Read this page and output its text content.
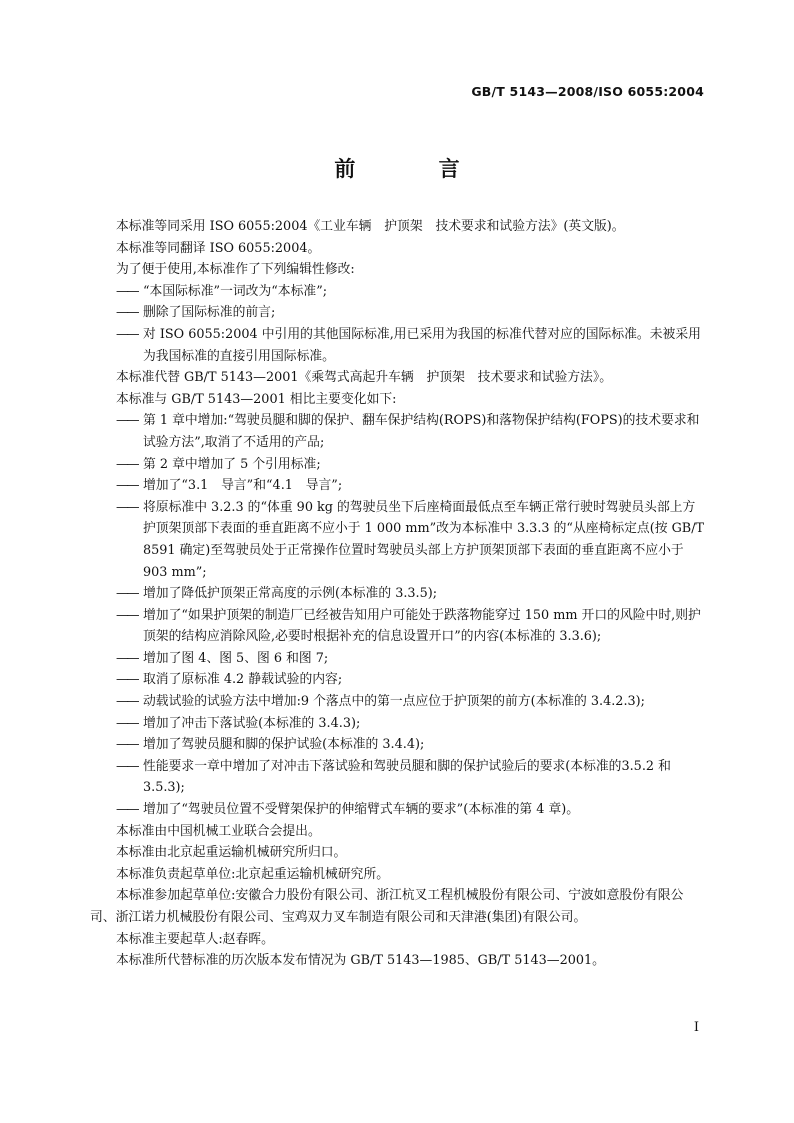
GB/T 5143—2008/ISO 6055:2004
前 言

本标准等同采用 ISO 6055:2004《工业车辆　护顶架　技术要求和试验方法》(英文版)。

本标准等同翻译 ISO 6055:2004。

为了便于使用,本标准作了下列编辑性修改:

—— “本国际标准”一词改为“本标准”;

—— 删除了国际标准的前言;

—— 对 ISO 6055:2004 中引用的其他国际标准,用已采用为我国的标准代替对应的国际标准。未被采用为我国标准的直接引用国际标准。

本标准代替 GB/T 5143—2001《乘驾式高起升车辆　护顶架　技术要求和试验方法》。

本标准与 GB/T 5143—2001 相比主要变化如下:

—— 第 1 章中增加:“驾驶员腿和脚的保护、翻车保护结构(ROPS)和落物保护结构(FOPS)的技术要求和试验方法”,取消了不适用的产品;

—— 第 2 章中增加了 5 个引用标准;

—— 增加了“3.1　导言”和“4.1　导言”;

—— 将原标准中 3.2.3 的“体重 90 kg 的驾驶员坐下后座椅面最低点至车辆正常行驶时驾驶员头部上方护顶架顶部下表面的垂直距离不应小于 1 000 mm”改为本标准中 3.3.3 的“从座椅标定点(按 GB/T 8591 确定)至驾驶员处于正常操作位置时驾驶员头部上方护顶架顶部下表面的垂直距离不应小于 903 mm”;

—— 增加了降低护顶架正常高度的示例(本标准的 3.3.5);

—— 增加了“如果护顶架的制造厂已经被告知用户可能处于跌落物能穿过 150 mm 开口的风险中时,则护顶架的结构应消除风险,必要时根据补充的信息设置开口”的内容(本标准的 3.3.6);

—— 增加了图 4、图 5、图 6 和图 7;

—— 取消了原标准 4.2 静载试验的内容;

—— 动载试验的试验方法中增加:9 个落点中的第一点应位于护顶架的前方(本标准的 3.4.2.3);

—— 增加了冲击下落试验(本标准的 3.4.3);

—— 增加了驾驶员腿和脚的保护试验(本标准的 3.4.4);

—— 性能要求一章中增加了对冲击下落试验和驾驶员腿和脚的保护试验后的要求(本标准的3.5.2 和 3.5.3);

—— 增加了“驾驶员位置不受臂架保护的伸缩臂式车辆的要求”(本标准的第 4 章)。

本标准由中国机械工业联合会提出。

本标准由北京起重运输机械研究所归口。

本标准负责起草单位:北京起重运输机械研究所。

本标准参加起草单位:安徽合力股份有限公司、浙江杭叉工程机械股份有限公司、宁波如意股份有限公司、浙江诺力机械股份有限公司、宝鸡双力叉车制造有限公司和天津港(集团)有限公司。

本标准主要起草人:赵春晖。

本标准所代替标准的历次版本发布情况为 GB/T 5143—1985、GB/T 5143—2001。

I
